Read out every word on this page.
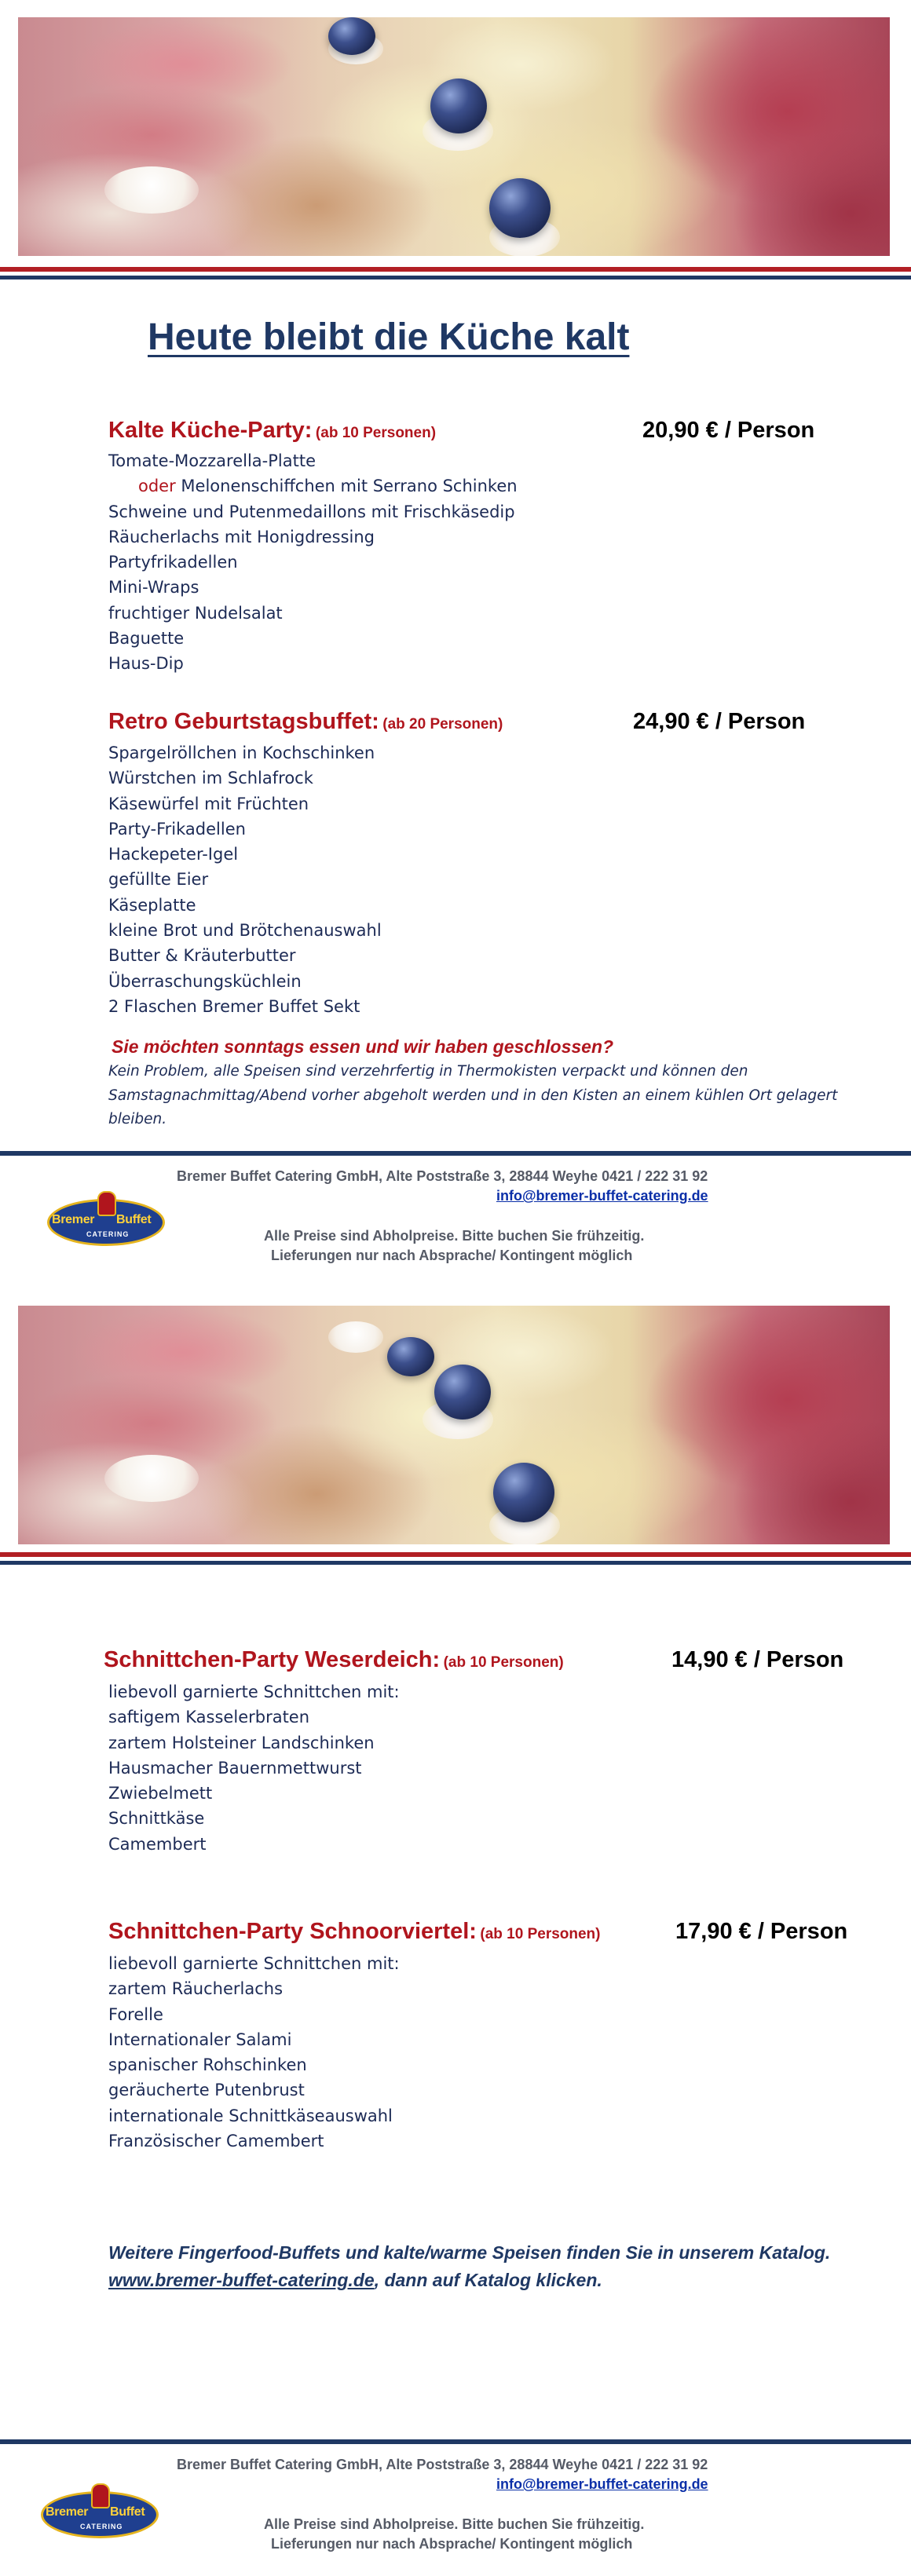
Heute bleibt die Küche kalt
Kalte Küche-Party: (ab 10 Personen)	20,90 € / Person
Tomate-Mozzarella-Platte
oder Melonenschiffchen mit Serrano Schinken
Schweine und Putenmedaillons mit Frischkäsedip
Räucherlachs mit Honigdressing
Partyfrikadellen
Mini-Wraps
fruchtiger Nudelsalat
Baguette
Haus-Dip
Retro Geburtstagsbuffet: (ab 20 Personen)	24,90 € / Person
Spargelröllchen in Kochschinken
Würstchen im Schlafrock
Käsewürfel mit Früchten
Party-Frikadellen
Hackepeter-Igel
gefüllte Eier
Käseplatte
kleine Brot und Brötchenauswahl
Butter & Kräuterbutter
Überraschungsküchlein
2 Flaschen Bremer Buffet Sekt
Sie möchten sonntags essen und wir haben geschlossen?

Kein Problem, alle Speisen sind verzehrfertig in Thermokisten verpackt und können den Samstagnachmittag/Abend vorher abgeholt werden und in den Kisten an einem kühlen Ort gelagert bleiben.

Bremer Buffet Catering GmbH, Alte Poststraße 3, 28844 Weyhe 0421 / 222 31 92
info@bremer-buffet-catering.de
Bremer Buffet
CATERING	Alle Preise sind Abholpreise. Bitte buchen Sie frühzeitig.
Lieferungen nur nach Absprache/ Kontingent möglich
Schnittchen-Party Weserdeich: (ab 10 Personen)	14,90 € / Person
liebevoll garnierte Schnittchen mit:
saftigem Kasselerbraten
zartem Holsteiner Landschinken
Hausmacher Bauernmettwurst
Zwiebelmett
Schnittkäse
Camembert
Schnittchen-Party Schnoorviertel: (ab 10 Personen)	17,90 € / Person
liebevoll garnierte Schnittchen mit:
zartem Räucherlachs
Forelle
Internationaler Salami
spanischer Rohschinken
geräucherte Putenbrust
internationale Schnittkäseauswahl
Französischer Camembert
Weitere Fingerfood-Buffets und kalte/warme Speisen finden Sie in unserem Katalog.
www.bremer-buffet-catering.de, dann auf Katalog klicken.
Bremer Buffet Catering GmbH, Alte Poststraße 3, 28844 Weyhe 0421 / 222 31 92
info@bremer-buffet-catering.de
Bremer Buffet
CATERING	Alle Preise sind Abholpreise. Bitte buchen Sie frühzeitig.
Lieferungen nur nach Absprache/ Kontingent möglich
